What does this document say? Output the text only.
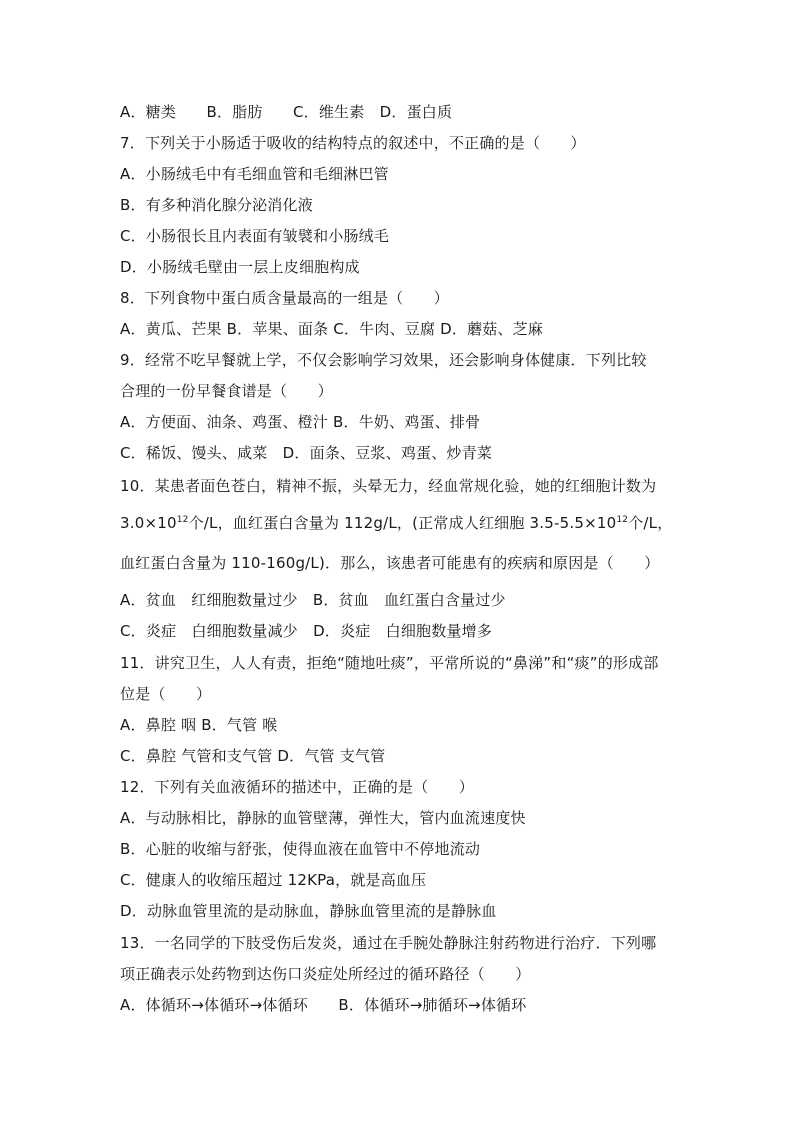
A．糖类　　B．脂肪　　C．维生素　D．蛋白质
7．下列关于小肠适于吸收的结构特点的叙述中，不正确的是（　　）
A．小肠绒毛中有毛细血管和毛细淋巴管
B．有多种消化腺分泌消化液
C．小肠很长且内表面有皱襞和小肠绒毛
D．小肠绒毛壁由一层上皮细胞构成
8．下列食物中蛋白质含量最高的一组是（　　）
A．黄瓜、芒果 B．苹果、面条 C．牛肉、豆腐 D．蘑菇、芝麻
9．经常不吃早餐就上学，不仅会影响学习效果，还会影响身体健康．下列比较
合理的一份早餐食谱是（　　）
A．方便面、油条、鸡蛋、橙汁 B．牛奶、鸡蛋、排骨
C．稀饭、馒头、咸菜　D．面条、豆浆、鸡蛋、炒青菜
10．某患者面色苍白，精神不振，头晕无力，经血常规化验，她的红细胞计数为
$3.0\times 10^{12}$个/L，血红蛋白含量为 112g/L，(正常成人红细胞 $3.5-5.5\times 10^{12}$个/L，
血红蛋白含量为 110-160g/L)．那么，该患者可能患有的疾病和原因是（　　）
A．贫血　红细胞数量过少　B．贫血　血红蛋白含量过少
C．炎症　白细胞数量减少　D．炎症　白细胞数量增多
11．讲究卫生，人人有责，拒绝“随地吐痰”，平常所说的“鼻涕”和“痰”的形成部
位是（　　）
A．鼻腔 咽 B．气管 喉
C．鼻腔 气管和支气管 D．气管 支气管
12．下列有关血液循环的描述中，正确的是（　　）
A．与动脉相比，静脉的血管壁薄，弹性大，管内血流速度快
B．心脏的收缩与舒张，使得血液在血管中不停地流动
C．健康人的收缩压超过 12KPa，就是高血压
D．动脉血管里流的是动脉血，静脉血管里流的是静脉血
13．一名同学的下肢受伤后发炎，通过在手腕处静脉注射药物进行治疗．下列哪
项正确表示处药物到达伤口炎症处所经过的循环路径（　　）
A．体循环→体循环→体循环　　B．体循环→肺循环→体循环
